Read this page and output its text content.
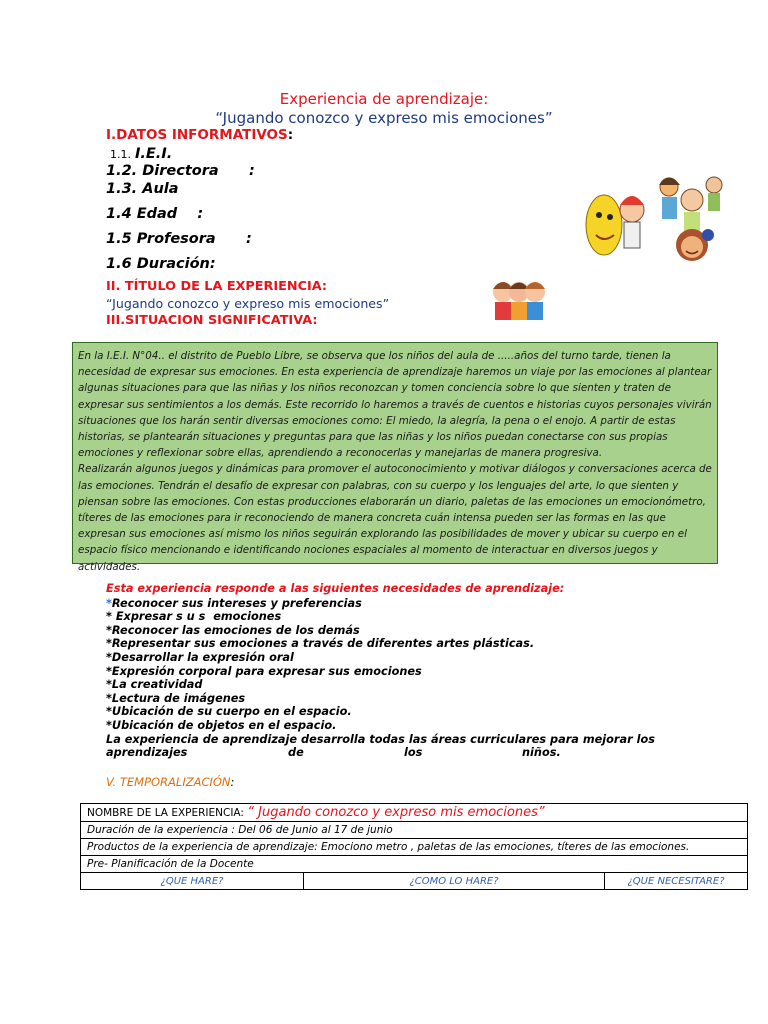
Experiencia de aprendizaje:
“Jugando conozco y expreso mis emociones”
I.DATOS INFORMATIVOS:
1.1. I.E.I.
1.2. Directora      :
1.3. Aula
1.4 Edad    :
1.5 Profesora      :
1.6 Duración:
II. TÍTULO DE LA EXPERIENCIA:
“Jugando conozco y expreso mis emociones”
III.SITUACION SIGNIFICATIVA:

En la I.E.I. N°04.. el distrito de Pueblo Libre, se observa que los niños del aula de .....años del turno tarde, tienen la necesidad de expresar sus emociones. En esta experiencia de aprendizaje haremos un viaje por las emociones al plantear algunas situaciones para que las niñas y los niños reconozcan y tomen conciencia sobre lo que sienten y traten de expresar sus sentimientos a los demás. Este recorrido lo haremos a través de cuentos e historias cuyos personajes vivirán situaciones que los harán sentir diversas emociones como: El miedo, la alegría, la pena o el enojo. A partir de estas historias, se plantearán situaciones y preguntas para que las niñas y los niños puedan conectarse con sus propias emociones y reflexionar sobre ellas, aprendiendo a reconocerlas y manejarlas de manera progresiva.

Realizarán algunos juegos y dinámicas para promover el autoconocimiento y motivar diálogos y conversaciones acerca de las emociones. Tendrán el desafío de expresar con palabras, con su cuerpo y los lenguajes del arte, lo que sienten y piensan sobre las emociones. Con estas producciones elaborarán un diario, paletas de las emociones un emocionómetro, títeres de las emociones para ir reconociendo de manera concreta cuán intensa pueden ser las formas en las que expresan sus emociones así mismo los niños seguirán explorando las posibilidades de mover y ubicar su cuerpo en el espacio físico mencionando e identificando nociones espaciales al momento de interactuar en diversos juegos y actividades.

Esta experiencia responde a las siguientes necesidades de aprendizaje:
*Reconocer sus intereses y preferencias
* Expresar s u s  emociones
*Reconocer las emociones de los demás
*Representar sus emociones a través de diferentes artes plásticas.
*Desarrollar la expresión oral
*Expresión corporal para expresar sus emociones
*La creatividad
*Lectura de imágenes
*Ubicación de su cuerpo en el espacio.
*Ubicación de objetos en el espacio.
La experiencia de aprendizaje desarrolla todas las áreas curriculares para mejorar los
aprendizajes	de	los	niños.
V. TEMPORALIZACIÓN:
NOMBRE DE LA EXPERIENCIA: “ Jugando conozco y expreso mis emociones”
Duración de la experiencia : Del 06 de Junio al 17 de junio
Productos de la experiencia de aprendizaje: Emociono metro , paletas de las emociones, títeres de las emociones.
Pre- Planificación de la Docente
¿QUE HARE?	¿COMO LO HARE?	¿QUE NECESITARE?
